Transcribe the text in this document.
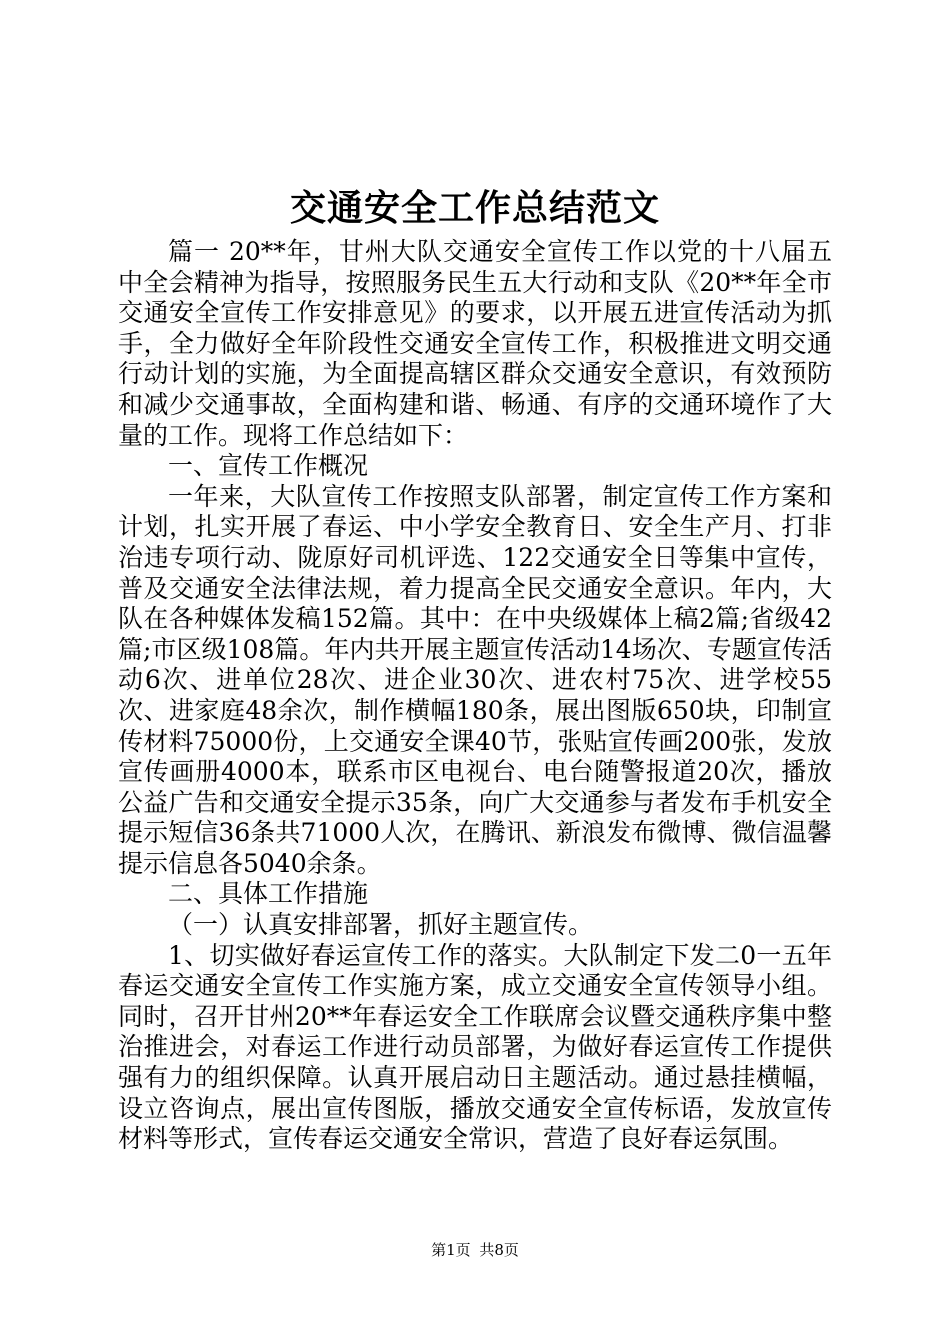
交通安全工作总结范文

篇一 20**年，甘州大队交通安全宣传工作以党的十八届五中全会精神为指导，按照服务民生五大行动和支队《20**年全市交通安全宣传工作安排意见》的要求，以开展五进宣传活动为抓手，全力做好全年阶段性交通安全宣传工作，积极推进文明交通行动计划的实施，为全面提高辖区群众交通安全意识，有效预防和减少交通事故，全面构建和谐、畅通、有序的交通环境作了大量的工作。现将工作总结如下：

一、宣传工作概况

一年来，大队宣传工作按照支队部署，制定宣传工作方案和计划，扎实开展了春运、中小学安全教育日、安全生产月、打非治违专项行动、陇原好司机评选、122交通安全日等集中宣传，普及交通安全法律法规，着力提高全民交通安全意识。年内，大队在各种媒体发稿152篇。其中：在中央级媒体上稿2篇;省级42篇;市区级108篇。年内共开展主题宣传活动14场次、专题宣传活动6次、进单位28次、进企业30次、进农村75次、进学校55次、进家庭48余次，制作横幅180条，展出图版650块，印制宣传材料75000份，上交通安全课40节，张贴宣传画200张，发放宣传画册4000本，联系市区电视台、电台随警报道20次，播放公益广告和交通安全提示35条，向广大交通参与者发布手机安全提示短信36条共71000人次，在腾讯、新浪发布微博、微信温馨提示信息各5040余条。

二、具体工作措施

（一）认真安排部署，抓好主题宣传。

1、切实做好春运宣传工作的落实。大队制定下发二0一五年春运交通安全宣传工作实施方案，成立交通安全宣传领导小组。同时，召开甘州20**年春运安全工作联席会议暨交通秩序集中整治推进会，对春运工作进行动员部署，为做好春运宣传工作提供强有力的组织保障。认真开展启动日主题活动。通过悬挂横幅，设立咨询点，展出宣传图版，播放交通安全宣传标语，发放宣传材料等形式，宣传春运交通安全常识，营造了良好春运氛围。

第1页 共8页
